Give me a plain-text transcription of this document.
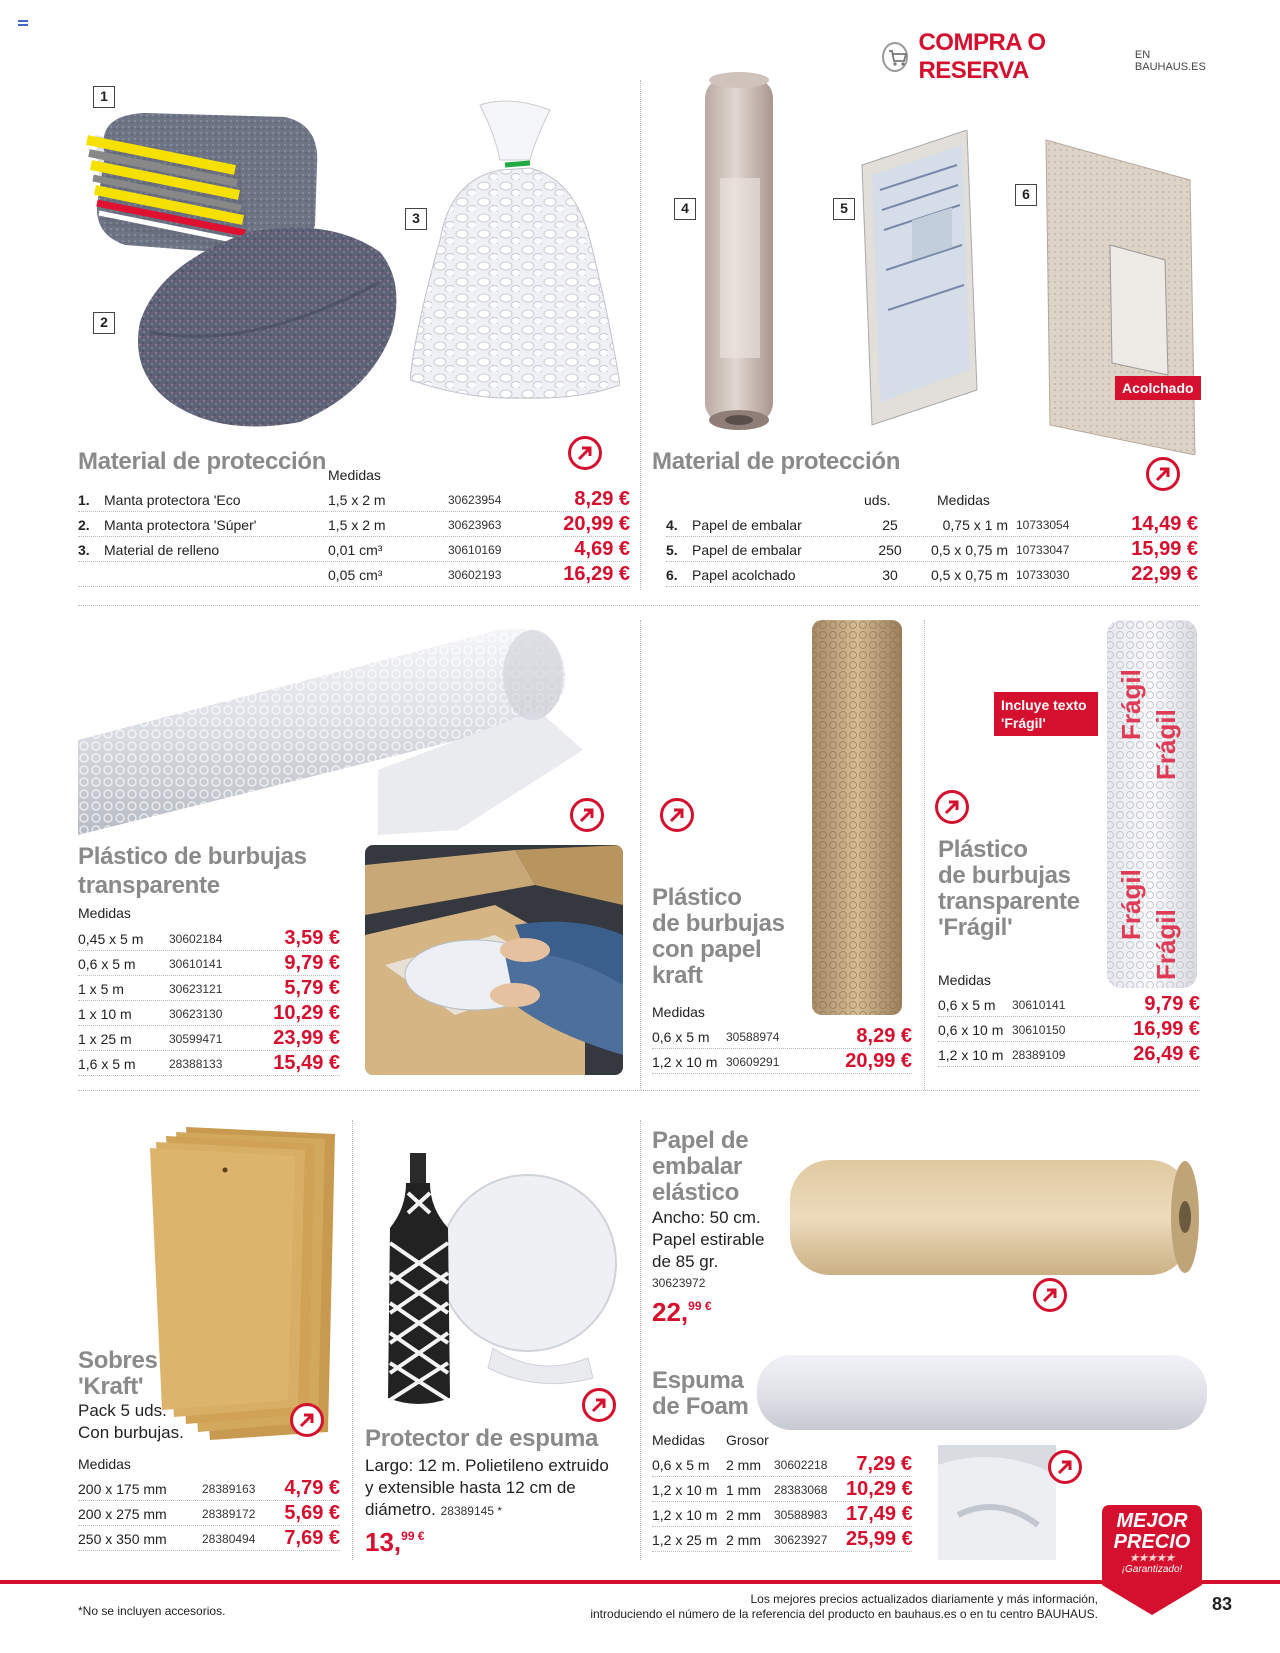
COMPRA O RESERVA
EN BAUHAUS.ES
1
2
3
Material de protección Medidas
1.	Manta protectora 'Eco	1,5 x 2 m	30623954	8,29 €
2.	Manta protectora 'Súper'	1,5 x 2 m	30623963	20,99 €
3.	Material de relleno	0,01 cm³	30610169	4,69 €
0,05 cm³	30602193	16,29 €
4	5
6
Acolchado
Material de protección
uds.	Medidas
4.	Papel de embalar	25	0,75 x 1 m 10733054	14,49 €
5.	Papel de embalar	250	0,5 x 0,75 m 10733047	15,99 €
6.	Papel acolchado	30	0,5 x 0,75 m 10733030	22,99 €
Plástico de burbujas
transparente
Medidas
0,45 x 5 m	30602184	3,59 €
0,6 x 5 m	30610141	9,79 €
1 x 5 m	30623121	5,79 €
1 x 10 m	30623130	10,29 €
1 x 25 m	30599471	23,99 €
1,6 x 5 m	28388133	15,49 €
Plástico
de burbujas
con papel
kraft
Medidas
0,6 x 5 m	30588974	8,29 €
1,2 x 10 m 30609291	20,99 €
Incluye texto 'Frágil'	Frágil
Frágil
Frágil
Frágil
Plástico
de burbujas
transparente
'Frágil'
Medidas
0,6 x 5 m	30610141	9,79 €
0,6 x 10 m 30610150	16,99 €
1,2 x 10 m 28389109	26,49 €
Sobres
'Kraft'
Pack 5 uds.
Con burbujas.
Medidas
200 x 175 mm	28389163	4,79 €
200 x 275 mm	28389172	5,69 €
250 x 350 mm	28380494	7,69 €
Protector de espuma
Largo: 12 m. Polietileno extruido
y extensible hasta 12 cm de
diámetro. 28389145 *
13,$^{99 €}$
Papel de
embalar
elástico
Ancho: 50 cm.
Papel estirable
de 85 gr.
30623972
22,$^{99 €}$
Espuma
de Foam
Medidas Grosor
0,6 x 5 m	2 mm	30602218	7,29 €
1,2 x 10 m 1 mm	28383068 10,29 €
1,2 x 10 m 2 mm	30588983 17,49 €
1,2 x 25 m 2 mm	30623927 25,99 €
MEJOR
PRECIO
★★★★★
¡Garantizado!
*No se incluyen accesorios.
Los mejores precios actualizados diariamente y más información,
introduciendo el número de la referencia del producto en bauhaus.es o en tu centro BAUHAUS.	83
